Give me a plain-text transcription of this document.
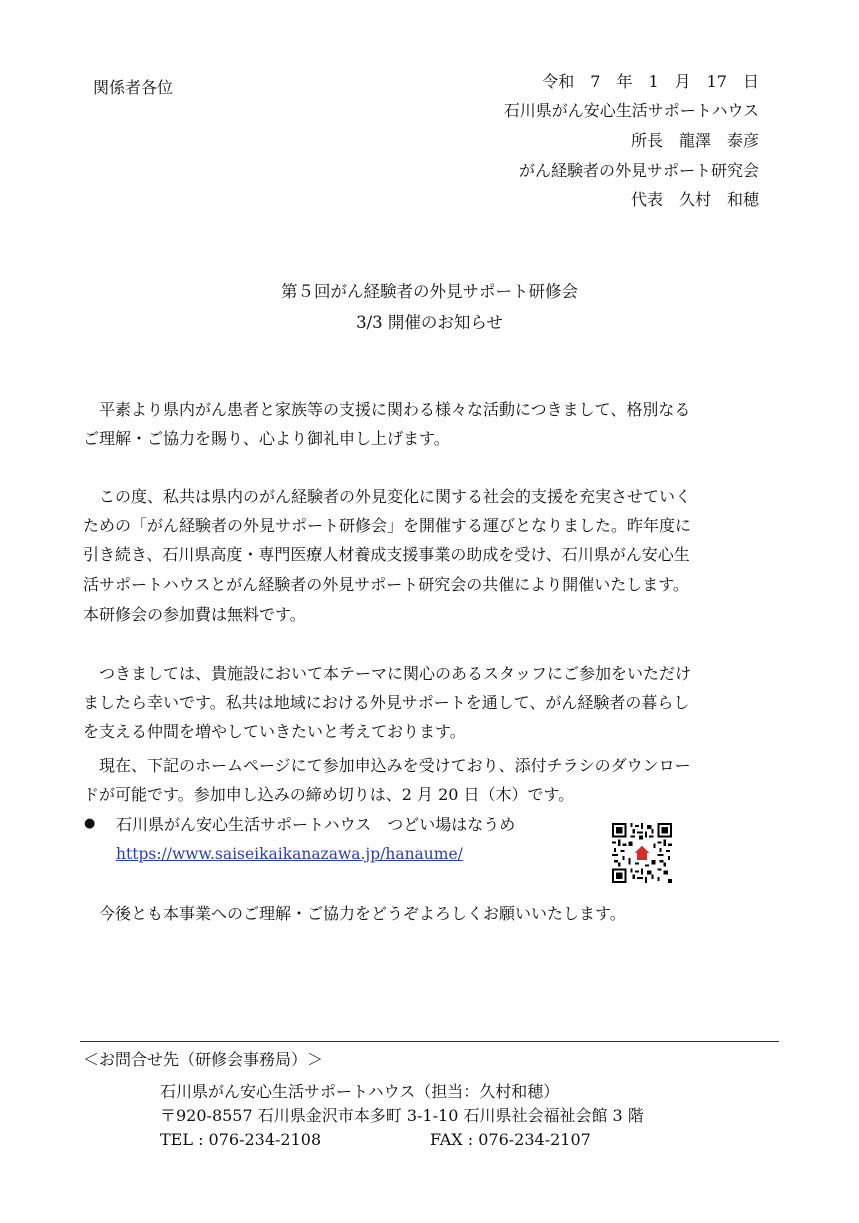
関係者各位	令和　7　年　1　月　17　日
石川県がん安心生活サポートハウス
所長　龍澤　泰彦
がん経験者の外見サポート研究会
代表　久村　和穂
第５回がん経験者の外見サポート研修会
3/3 開催のお知らせ
　平素より県内がん患者と家族等の支援に関わる様々な活動につきまして、格別なる
ご理解・ご協力を賜り、心より御礼申し上げます。
　この度、私共は県内のがん経験者の外見変化に関する社会的支援を充実させていく
ための「がん経験者の外見サポート研修会」を開催する運びとなりました。昨年度に
引き続き、石川県高度・専門医療人材養成支援事業の助成を受け、石川県がん安心生
活サポートハウスとがん経験者の外見サポート研究会の共催により開催いたします。
本研修会の参加費は無料です。
　つきましては、貴施設において本テーマに関心のあるスタッフにご参加をいただけ
ましたら幸いです。私共は地域における外見サポートを通して、がん経験者の暮らし
を支える仲間を増やしていきたいと考えております。
　現在、下記のホームページにて参加申込みを受けており、添付チラシのダウンロー
ドが可能です。参加申し込みの締め切りは、2 月 20 日（木）です。
● 石川県がん安心生活サポートハウス　つどい場はなうめ
https://www.saiseikaikanazawa.jp/hanaume/
　今後とも本事業へのご理解・ご協力をどうぞよろしくお願いいたします。
＜お問合せ先（研修会事務局）＞
石川県がん安心生活サポートハウス（担当：久村和穂）
〒920-8557 石川県金沢市本多町 3-1-10 石川県社会福祉会館 3 階
TEL : 076-234-2108	FAX : 076-234-2107
